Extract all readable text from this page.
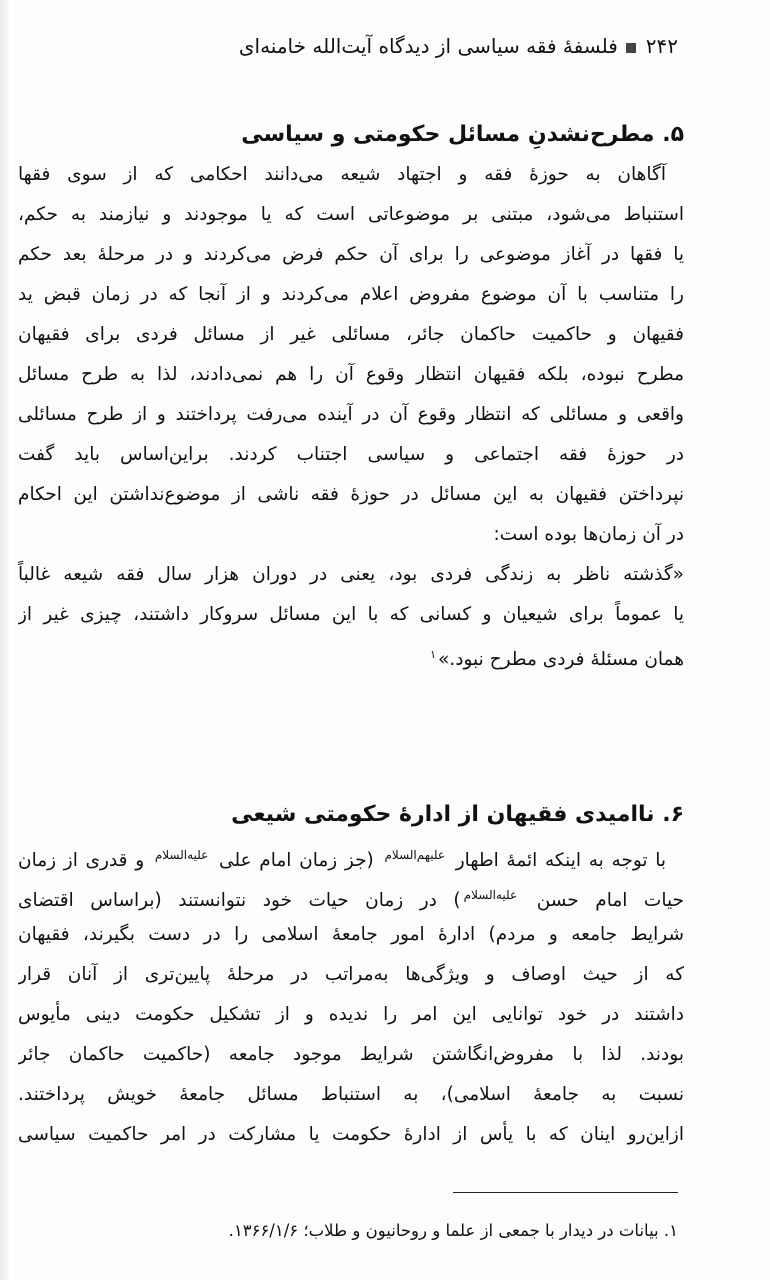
۲۴۲فلسفهٔ فقه سیاسی از دیدگاه آیت‌الله خامنه‌ای
۵. مطرح‌نشدنِ مسائل حکومتی و سیاسی
آگاهان به حوزهٔ فقه و اجتهاد شیعه می‌دانند احکامی که از سوی فقها
استنباط می‌شود، مبتنی بر موضوعاتی است که یا موجودند و نیازمند به حکم،
یا فقها در آغاز موضوعی را برای آن حکم فرض می‌کردند و در مرحلهٔ بعد حکم
را متناسب با آن موضوع مفروض اعلام می‌کردند و از آنجا که در زمان قبض ید
فقیهان و حاکمیت حاکمان جائر، مسائلی غیر از مسائل فردی برای فقیهان
مطرح نبوده، بلکه فقیهان انتظار وقوع آن را هم نمی‌دادند، لذا به طرح مسائل
واقعی و مسائلی که انتظار وقوع آن در آینده می‌رفت پرداختند و از طرح مسائلی
در حوزهٔ فقه اجتماعی و سیاسی اجتناب کردند. براین‌اساس باید گفت
نپرداختن فقیهان به این مسائل در حوزهٔ فقه ناشی از موضوع‌نداشتن این احکام
در آن زمان‌ها بوده است:
«گذشته ناظر به زندگی فردی بود، یعنی در دوران هزار سال فقه شیعه غالباً
یا عموماً برای شیعیان و کسانی که با این مسائل سروکار داشتند، چیزی غیر از
همان مسئلهٔ فردی مطرح نبود.»$^۱$
۶. ناامیدی فقیهان از ادارهٔ حکومتی شیعی
با توجه به اینکه ائمهٔ اطهار $^{علیهم‌السلام}$ (جز زمان امام علی $^{علیه‌السلام}$ و قدری از زمان
حیات امام حسن $^{علیه‌السلام}$) در زمان حیات خود نتوانستند (براساس اقتضای
شرایط جامعه و مردم) ادارهٔ امور جامعهٔ اسلامی را در دست بگیرند، فقیهان
که از حیث اوصاف و ویژگی‌ها به‌مراتب در مرحلهٔ پایین‌تری از آنان قرار
داشتند در خود توانایی این امر را ندیده و از تشکیل حکومت دینی مأیوس
بودند. لذا با مفروض‌انگاشتن شرایط موجود جامعه (حاکمیت حاکمان جائر
نسبت به جامعهٔ اسلامی)، به استنباط مسائل جامعهٔ خویش پرداختند.
ازاین‌رو اینان که با یأس از ادارهٔ حکومت یا مشارکت در امر حاکمیت سیاسی
۱. بیانات در دیدار با جمعی از علما و روحانیون و طلاب؛ ۱۳۶۶/۱/۶.
